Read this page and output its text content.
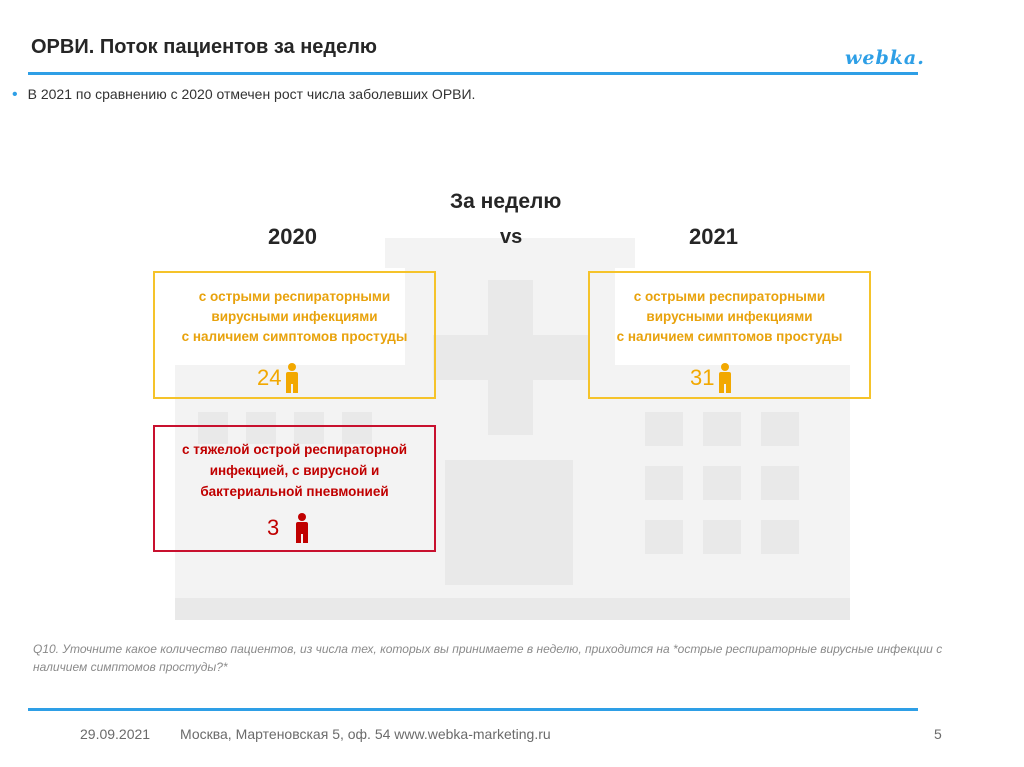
ОРВИ. Поток пациентов за неделю	webka.
• В 2021 по сравнению с 2020 отмечен рост числа заболевших ОРВИ.
За неделю
2020	vs	2021
с острыми респираторными
вирусными инфекциями
с наличием симптомов простуды
24
с острыми респираторными
вирусными инфекциями
с наличием симптомов простуды
31
с тяжелой острой респираторной
инфекцией, с вирусной и
бактериальной пневмонией
3
Q10. Уточните какое количество пациентов, из числа тех, которых вы принимаете в неделю, приходится на *острые респираторные вирусные инфекции с наличием симптомов простуды?*
29.09.2021 Москва, Мартеновская 5, оф. 54 www.webka-marketing.ru	5
